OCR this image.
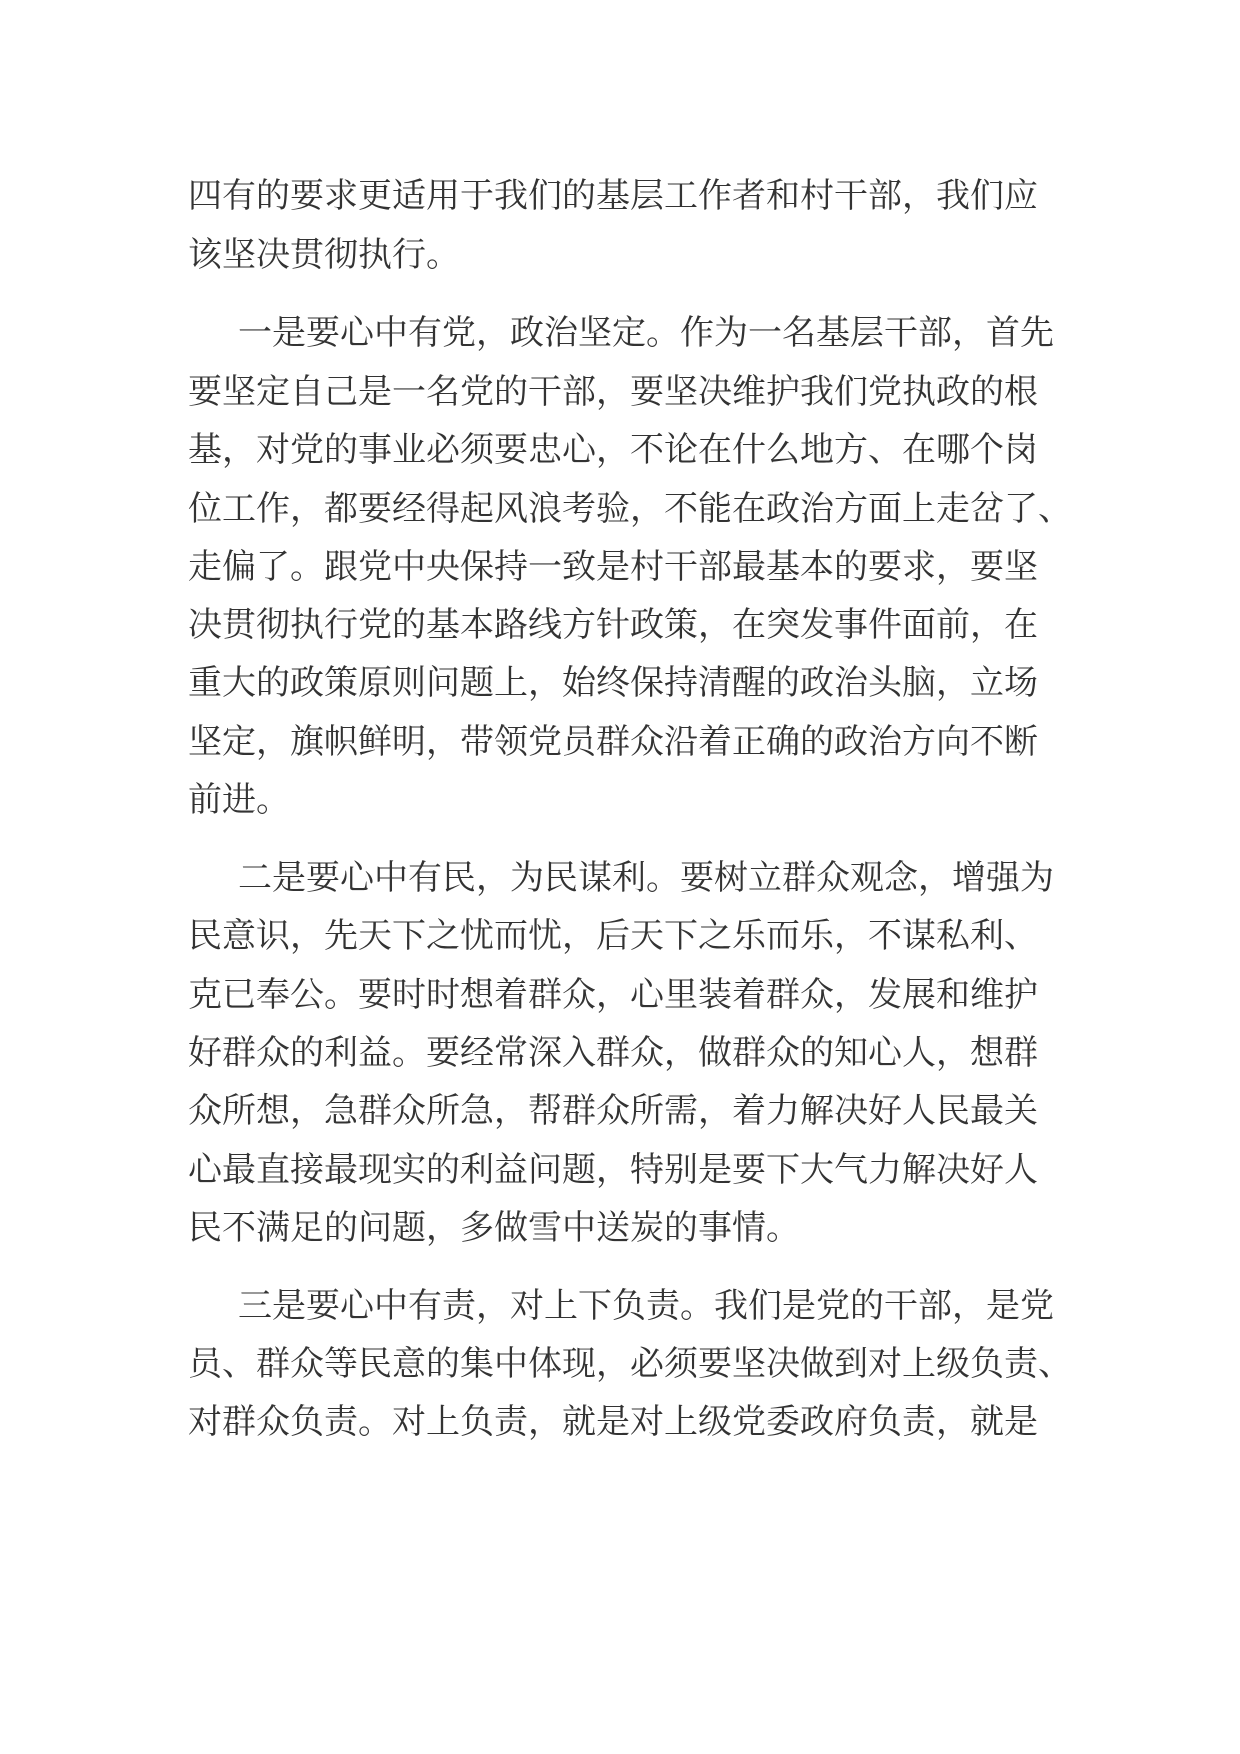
四有的要求更适用于我们的基层工作者和村干部，我们应
该坚决贯彻执行。
一是要心中有党，政治坚定。作为一名基层干部，首先
要坚定自己是一名党的干部，要坚决维护我们党执政的根
基，对党的事业必须要忠心，不论在什么地方、在哪个岗
位工作，都要经得起风浪考验，不能在政治方面上走岔了、
走偏了。跟党中央保持一致是村干部最基本的要求，要坚
决贯彻执行党的基本路线方针政策，在突发事件面前，在
重大的政策原则问题上，始终保持清醒的政治头脑，立场
坚定，旗帜鲜明，带领党员群众沿着正确的政治方向不断
前进。
二是要心中有民，为民谋利。要树立群众观念，增强为
民意识，先天下之忧而忧，后天下之乐而乐，不谋私利、
克已奉公。要时时想着群众，心里装着群众，发展和维护
好群众的利益。要经常深入群众，做群众的知心人，想群
众所想，急群众所急，帮群众所需，着力解决好人民最关
心最直接最现实的利益问题，特别是要下大气力解决好人
民不满足的问题，多做雪中送炭的事情。
三是要心中有责，对上下负责。我们是党的干部，是党
员、群众等民意的集中体现，必须要坚决做到对上级负责、
对群众负责。对上负责，就是对上级党委政府负责，就是
